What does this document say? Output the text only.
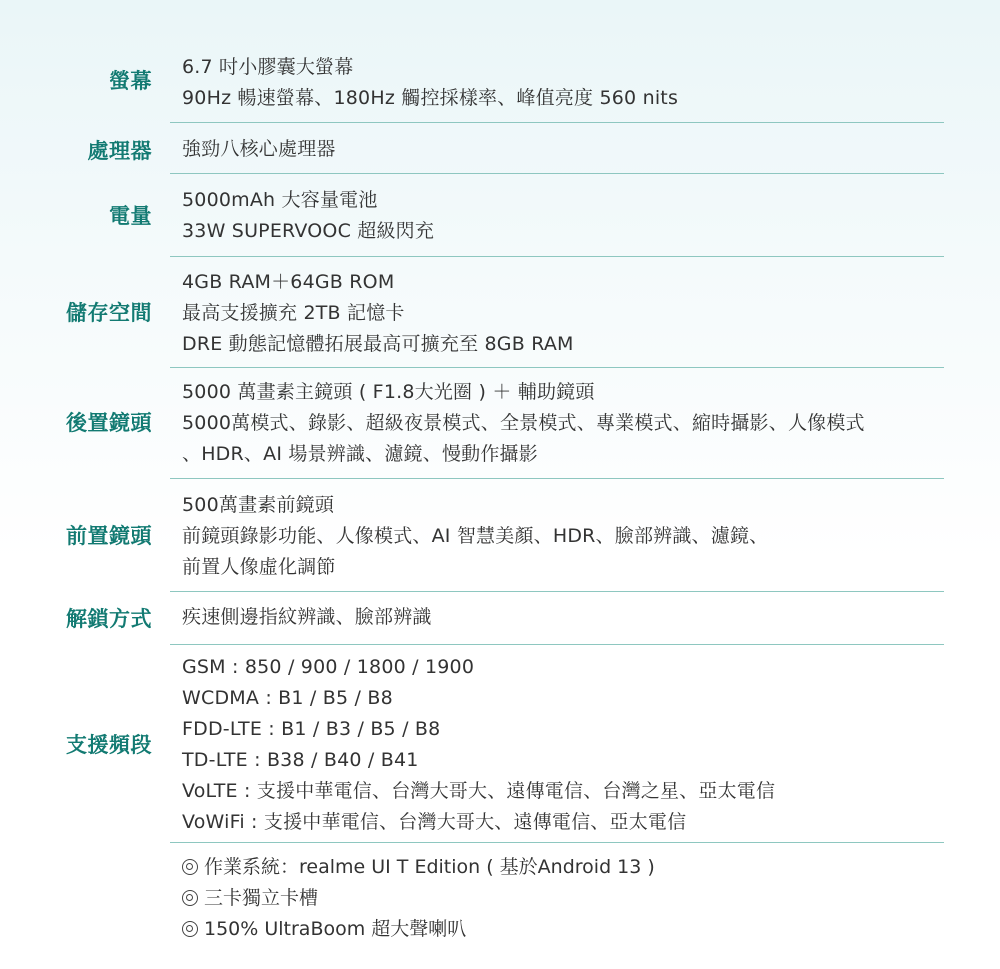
螢幕
6.7 吋小膠囊大螢幕
90Hz 暢速螢幕、180Hz 觸控採樣率、峰值亮度 560 nits
處理器 強勁八核心處理器
電量
5000mAh 大容量電池
33W SUPERVOOC 超級閃充
儲存空間
4GB RAM＋64GB ROM
最高支援擴充 2TB 記憶卡
DRE 動態記憶體拓展最高可擴充至 8GB RAM
後置鏡頭
5000 萬畫素主鏡頭 ( F1.8大光圈 ) ＋ 輔助鏡頭
5000萬模式、錄影、超級夜景模式、全景模式、專業模式、縮時攝影、人像模式
、HDR、AI 場景辨識、濾鏡、慢動作攝影
前置鏡頭
500萬畫素前鏡頭
前鏡頭錄影功能、人像模式、AI 智慧美顏、HDR、臉部辨識、濾鏡、
前置人像虛化調節
解鎖方式 疾速側邊指紋辨識、臉部辨識
支援頻段
GSM : 850 / 900 / 1800 / 1900
WCDMA : B1 / B5 / B8
FDD-LTE : B1 / B3 / B5 / B8
TD-LTE : B38 / B40 / B41
VoLTE : 支援中華電信、台灣大哥大、遠傳電信、台灣之星、亞太電信
VoWiFi : 支援中華電信、台灣大哥大、遠傳電信、亞太電信
作業系統：realme UI T Edition ( 基於Android 13 )
三卡獨立卡槽
150% UltraBoom 超大聲喇叭
